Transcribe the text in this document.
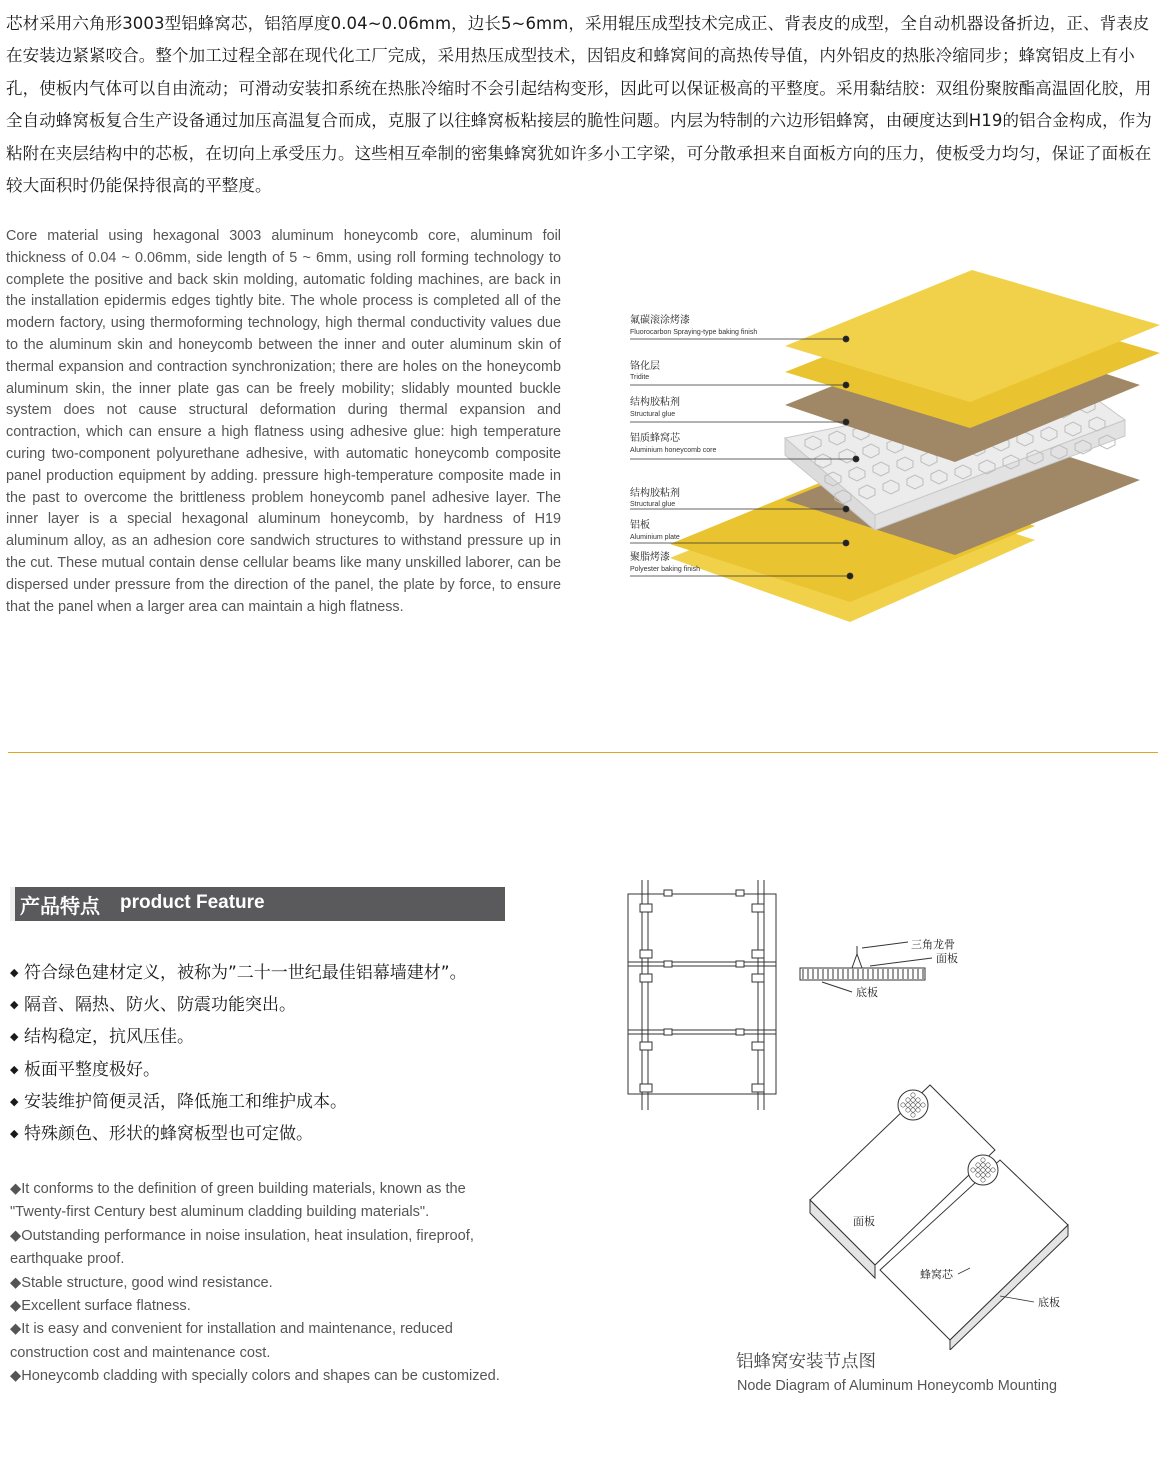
芯材采用六角形3003型铝蜂窝芯，铝箔厚度0.04~0.06mm，边长5~6mm，采用辊压成型技术完成正、背表皮的成型，全自动机器设备折边，正、背表皮在安装边紧紧咬合。整个加工过程全部在现代化工厂完成，采用热压成型技术，因铝皮和蜂窝间的高热传导值，内外铝皮的热胀冷缩同步；蜂窝铝皮上有小孔，使板内气体可以自由流动；可滑动安装扣系统在热胀冷缩时不会引起结构变形，因此可以保证极高的平整度。采用黏结胶：双组份聚胺酯高温固化胶，用全自动蜂窝板复合生产设备通过加压高温复合而成，克服了以往蜂窝板粘接层的脆性问题。内层为特制的六边形铝蜂窝，由硬度达到H19的铝合金构成，作为粘附在夹层结构中的芯板，在切向上承受压力。这些相互牵制的密集蜂窝犹如许多小工字梁，可分散承担来自面板方向的压力，使板受力均匀，保证了面板在较大面积时仍能保持很高的平整度。

Core material using hexagonal 3003 aluminum honeycomb core, aluminum foil thickness of 0.04 ~ 0.06mm, side length of 5 ~ 6mm, using roll forming technology to complete the positive and back skin molding, automatic folding machines, are back in the installation epidermis edges tightly bite. The whole process is completed all of the modern factory, using thermoforming technology, high thermal conductivity values due to the aluminum skin and honeycomb between the inner and outer aluminum skin of thermal expansion and contraction synchronization; there are holes on the honeycomb aluminum skin, the inner plate gas can be freely mobility; slidably mounted buckle system does not cause structural deformation during thermal expansion and contraction, which can ensure a high flatness using adhesive glue: high temperature curing two-component polyurethane adhesive, with automatic honeycomb composite panel production equipment by adding. pressure high-temperature composite made in the past to overcome the brittleness problem honeycomb panel adhesive layer. The inner layer is a special hexagonal aluminum honeycomb, by hardness of H19 aluminum alloy, as an adhesion core sandwich structures to withstand pressure up in the cut. These mutual contain dense cellular beams like many unskilled laborer, can be dispersed under pressure from the direction of the panel, the plate by force, to ensure that the panel when a larger area can maintain a high flatness.

氟碳滚涂烤漆
Fluorocarbon Spraying-type baking finish
铬化层
Tridite
结构胶粘剂
Structural glue
铝质蜂窝芯
Aluminium honeycomb core
结构胶粘剂
Structural glue
铝板
Aluminium plate
聚脂烤漆
Polyester baking finish
产品特点 product Feature
◆ 符合绿色建材定义，被称为”二十一世纪最佳铝幕墙建材”。
◆ 隔音、隔热、防火、防震功能突出。
◆ 结构稳定，抗风压佳。
◆ 板面平整度极好。
◆ 安装维护简便灵活，降低施工和维护成本。
◆ 特殊颜色、形状的蜂窝板型也可定做。
◆It conforms to the definition of green building materials, known as the "Twenty-first Century best aluminum cladding building materials".
◆Outstanding performance in noise insulation, heat insulation, fireproof, earthquake proof.
◆Stable structure, good wind resistance.
◆Excellent surface flatness.
◆It is easy and convenient for installation and maintenance, reduced construction cost and maintenance cost.
◆Honeycomb cladding with specially colors and shapes can be customized.
三角龙骨
面板
底板
面板
蜂窝芯
底板
铝蜂窝安装节点图
Node Diagram of Aluminum Honeycomb Mounting
